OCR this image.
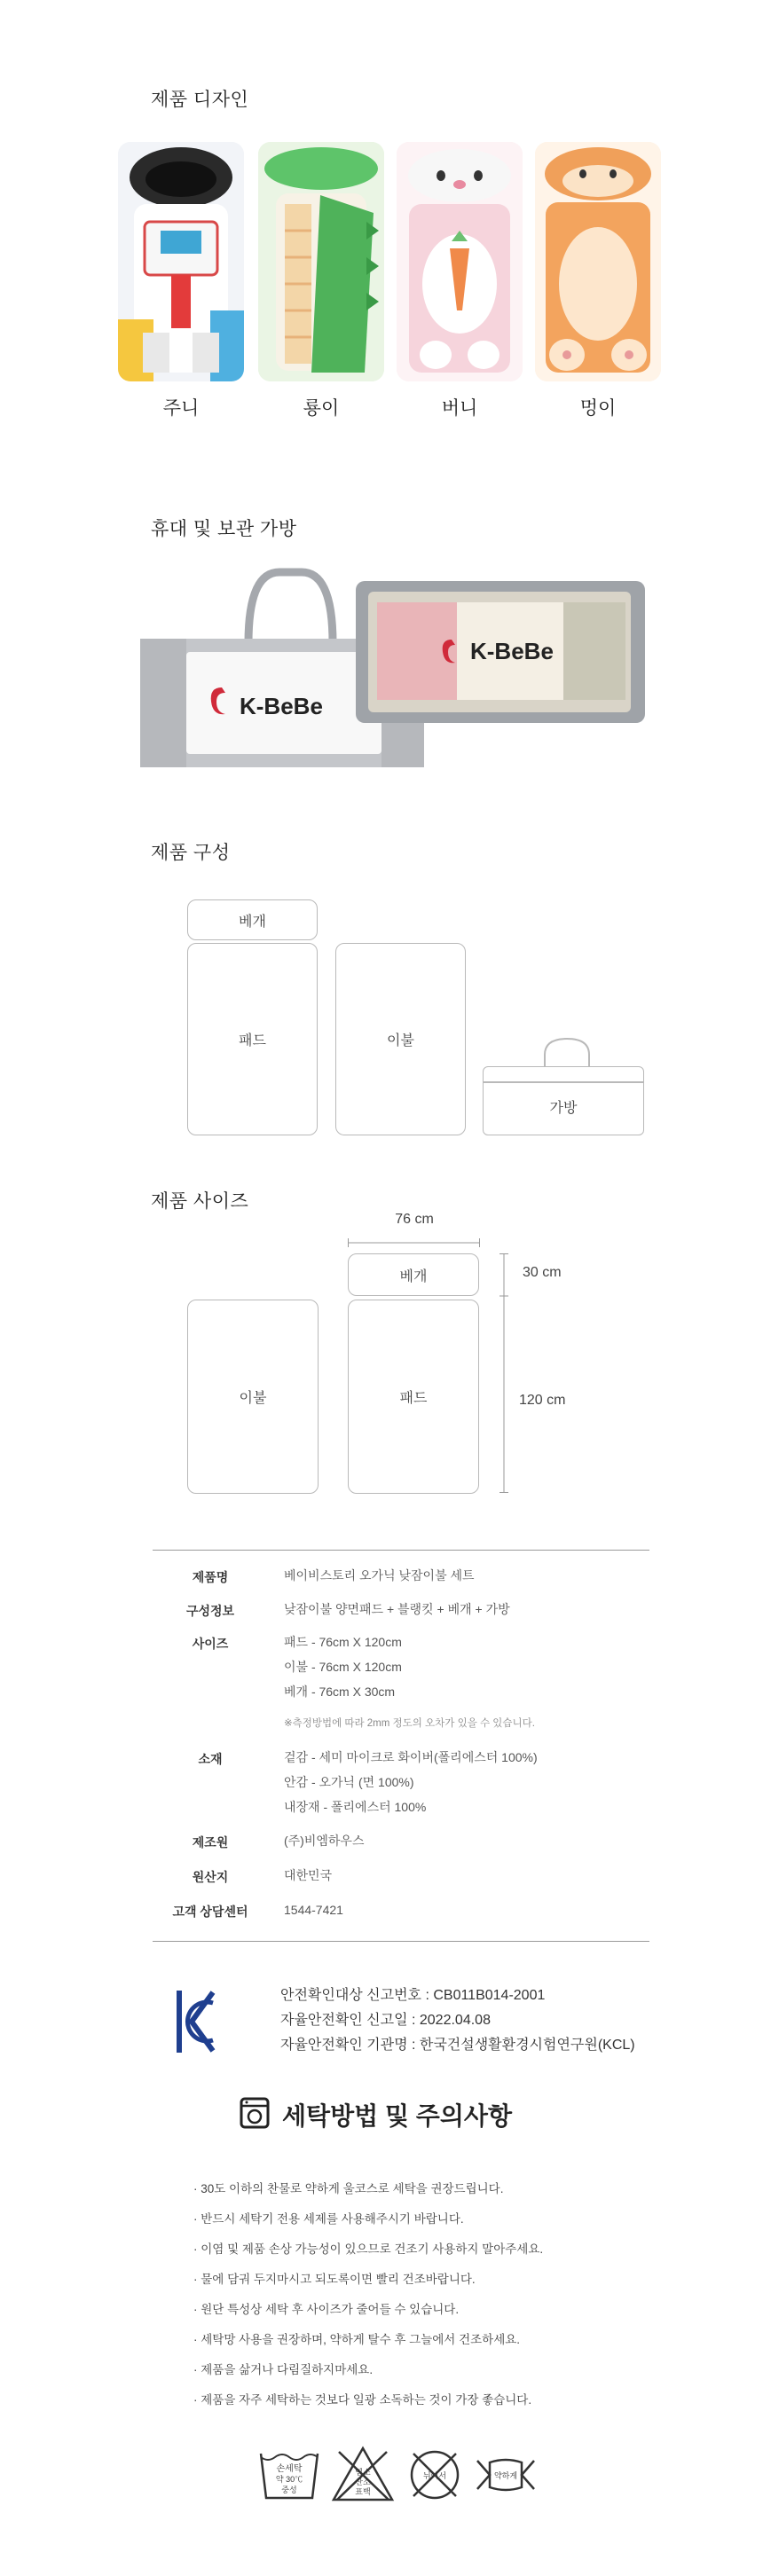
제품 디자인
주니	룡이	버니	멍이
휴대 및 보관 가방
K-BeBe
K-BeBe
제품 구성
베개
패드	이불
가방
제품 사이즈
76 cm
베개
패드
이불
30 cm
120 cm
제품명	베이비스토리 오가닉 낮잠이불 세트
구성정보	낮잠이불 양면패드 + 블랭킷 + 베개 + 가방
사이즈	패드 - 76cm X 120cm
이불 - 76cm X 120cm
베개 - 76cm X 30cm
※측정방법에 따라 2mm 정도의 오차가 있을 수 있습니다.
소재	겉감 - 세미 마이크로 화이버(폴리에스터 100%)
안감 - 오가닉 (면 100%)
내장재 - 폴리에스터 100%
제조원	(주)비엠하우스
원산지	대한민국
고객 상담센터	1544-7421
안전확인대상 신고번호 : CB011B014-2001
자율안전확인 신고일 : 2022.04.08
자율안전확인 기관명 : 한국건설생활환경시험연구원(KCL)
세탁방법 및 주의사항
· 30도 이하의 찬물로 약하게 울코스로 세탁을 권장드립니다.
· 반드시 세탁기 전용 세제를 사용해주시기 바랍니다.
· 이염 및 제품 손상 가능성이 있으므로 건조기 사용하지 말아주세요.
· 물에 담궈 두지마시고 되도록이면 빨리 건조바랍니다.
· 원단 특성상 세탁 후 사이즈가 줄어들 수 있습니다.
· 세탁망 사용을 권장하며, 약하게 탈수 후 그늘에서 건조하세요.
· 제품을 삶거나 다림질하지마세요.
· 제품을 자주 세탁하는 것보다 일광 소독하는 것이 가장 좋습니다.
손세탁
약 30℃
중성
염소
산소
표백
뉘여서	약하게
